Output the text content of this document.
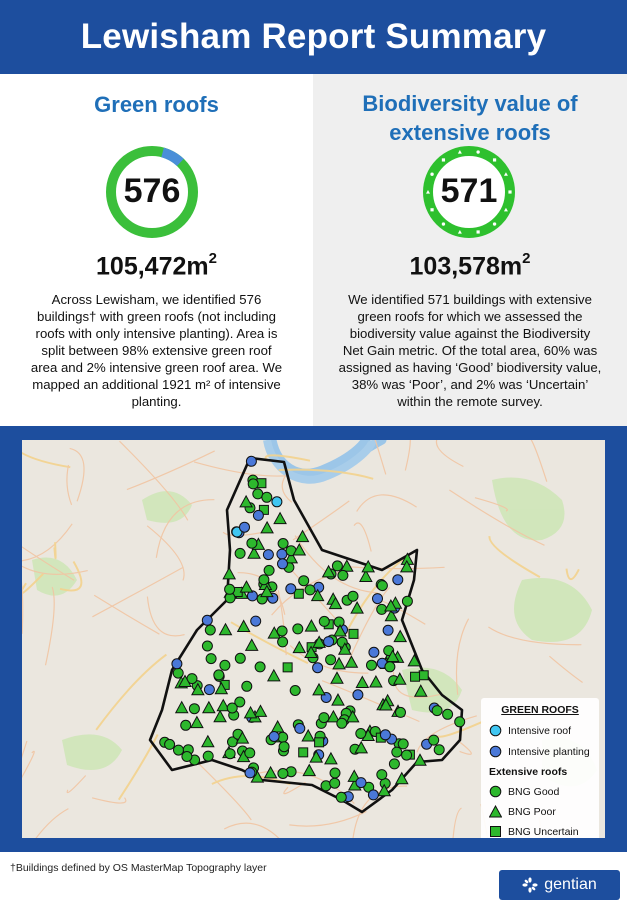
Lewisham Report Summary
Green roofs
576
$105,472m^2$
Across Lewisham, we identified 576
buildings† with green roofs (not including
roofs with only intensive planting). Area is
split between 98% extensive green roof
area and 2% intensive green roof area. We
mapped an additional 1921 m² of intensive
planting.
Biodiversity value of
extensive roofs
571
$103,578m^2$
We identified 571 buildings with extensive
green roofs for which we assessed the
biodiversity value against the Biodiversity
Net Gain metric. Of the total area, 60% was
assigned as having ‘Good’ biodiversity value,
38% was ‘Poor’, and 2% was ‘Uncertain’
within the remote survey.
GREEN ROOFS
Intensive roof
Intensive planting
Extensive roofs
BNG Good
BNG Poor
BNG Uncertain
†Buildings defined by OS MasterMap Topography layer
gentian
